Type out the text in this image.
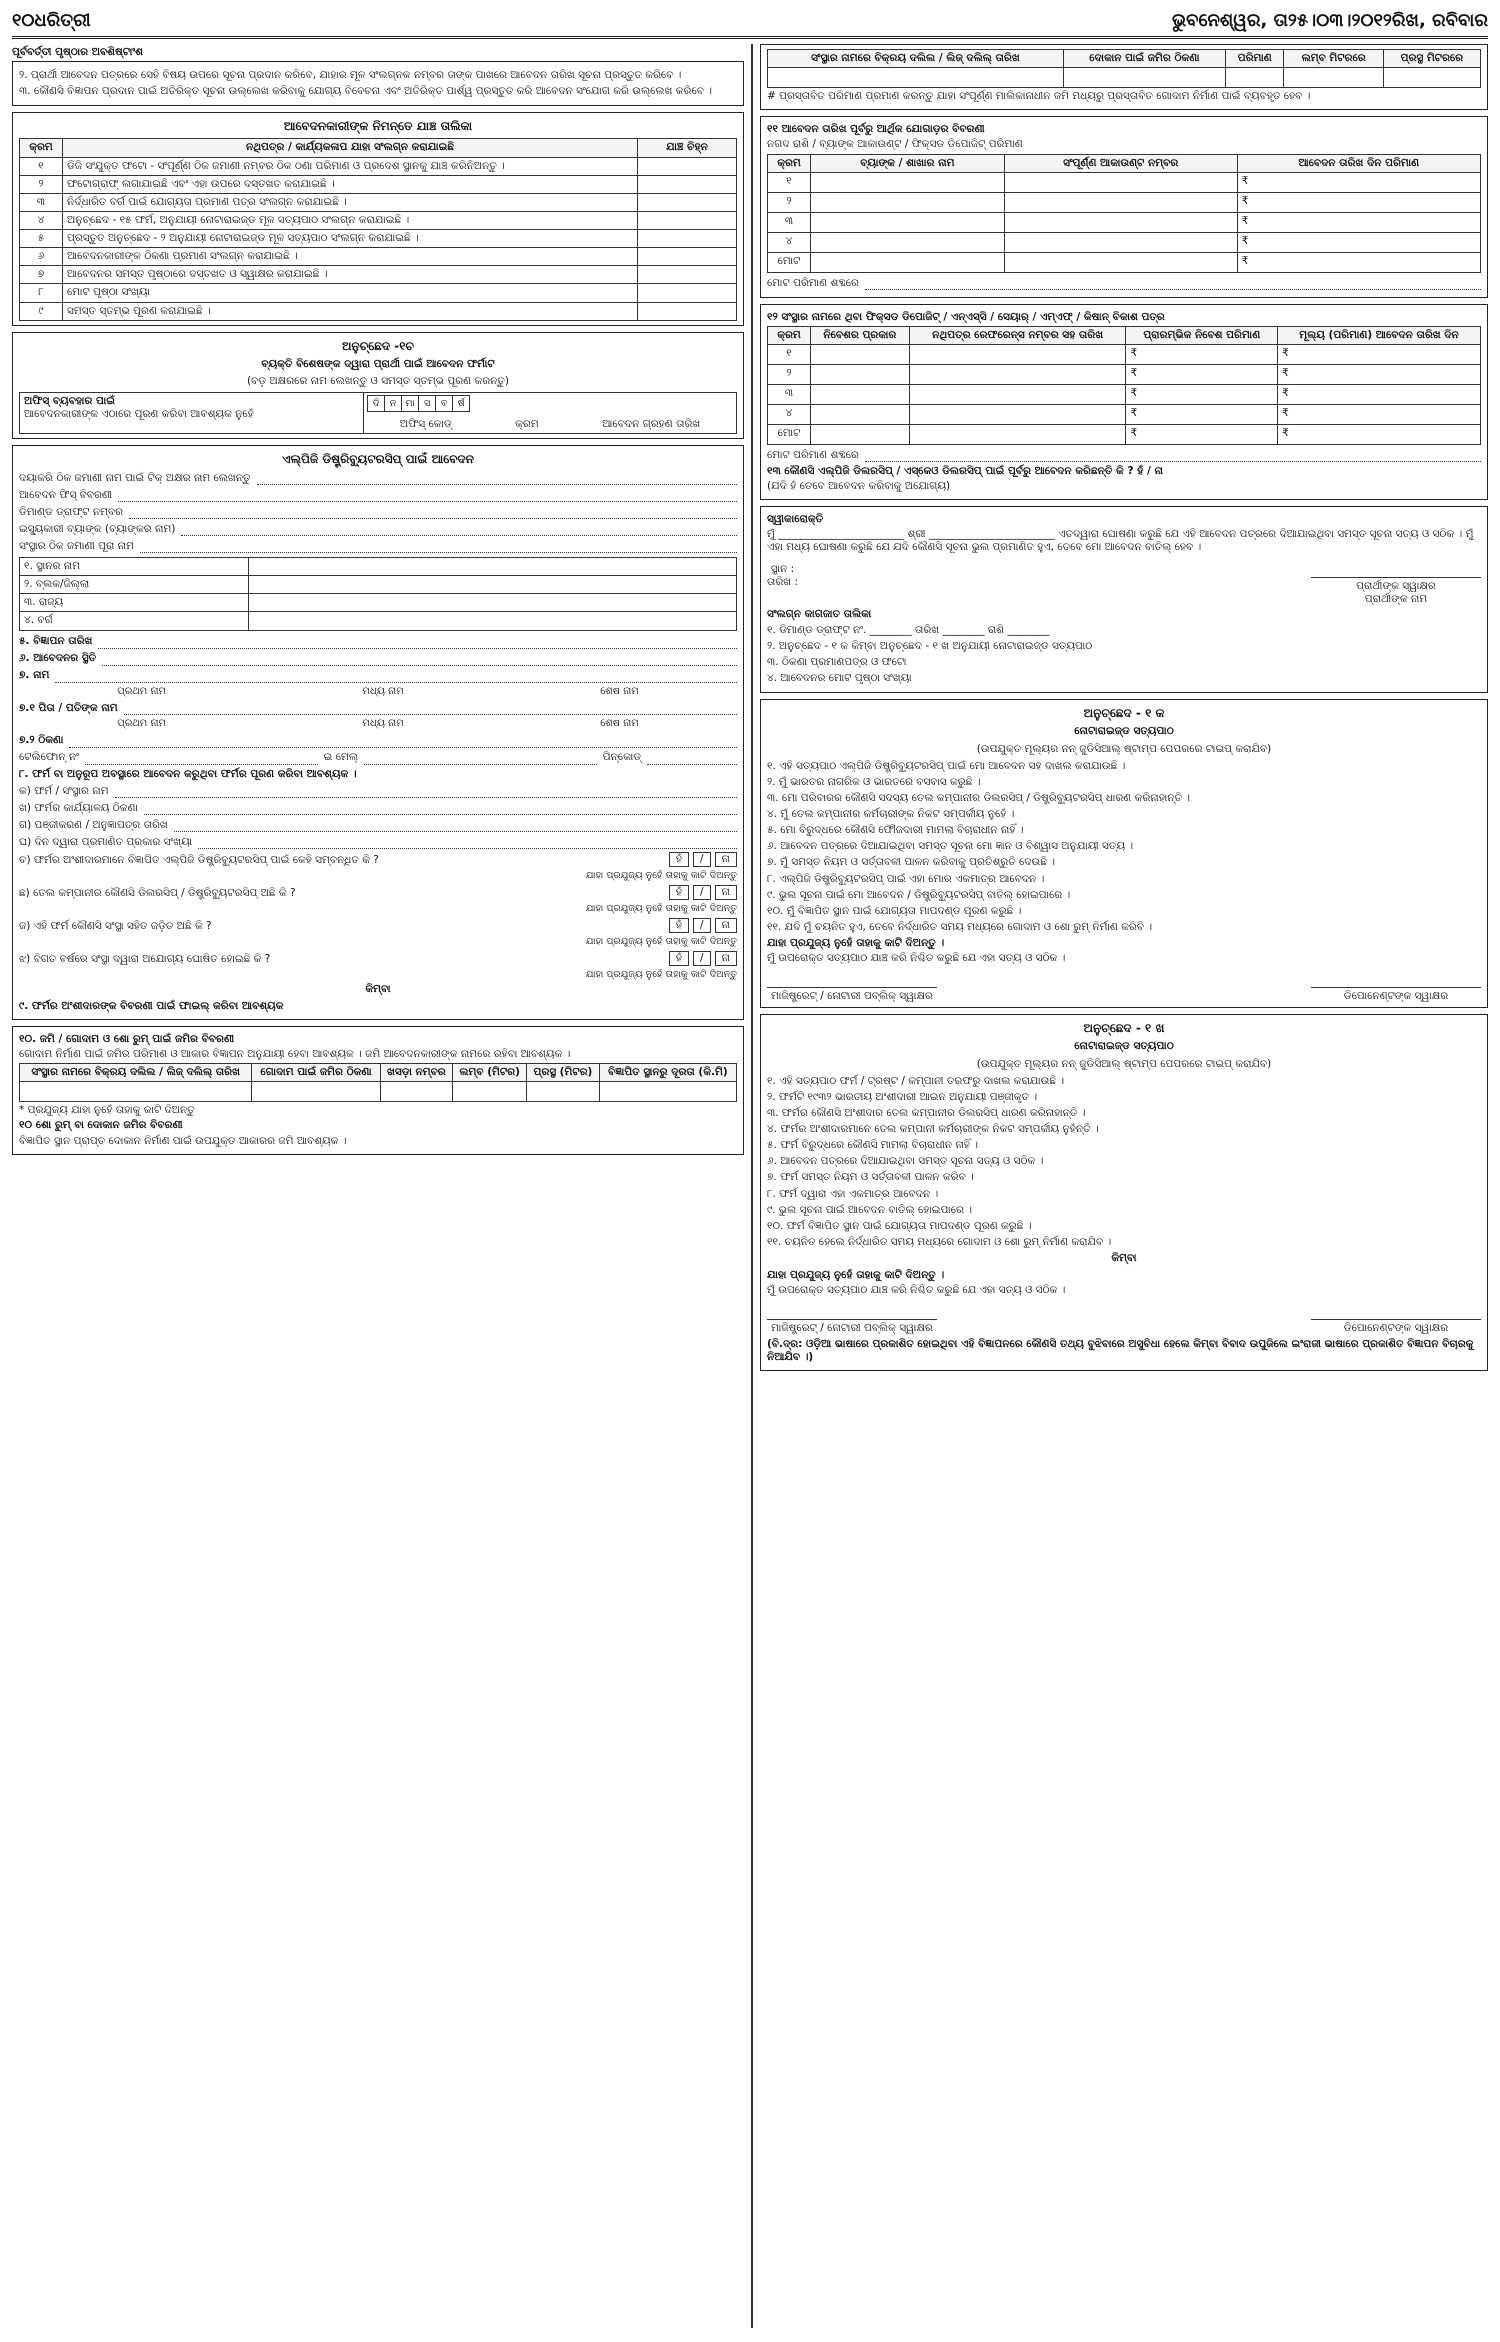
୧୦ଧରିତ୍ରୀ	ଭୁବନେଶ୍ୱର, ତା୨୫।୦୩।୨୦୧୨ରିଖ, ରବିବାର
ପୂର୍ବବର୍ତ୍ତୀ ପୃଷ୍ଠାର ଅବଶିଷ୍ଟାଂଶ
୨. ପ୍ରାର୍ଥୀ ଆବେଦନ ପତ୍ରରେ ସେହି ବିଷୟ ଉପରେ ସୂଚନା ପ୍ରଦାନ କରିବେ, ଯାହାର ମୂଳ ସଂଲଗ୍ନକ ନମ୍ବର ତାଙ୍କ ପାଖରେ ଆବେଦନ ତାରିଖ ସୂଚନା ପ୍ରସ୍ତୁତ କରିବେ ।
୩. କୌଣସି ବିଜ୍ଞାପନ ପ୍ରଦାନ ପାଇଁ ଅତିରିକ୍ତ ସୂଚନା ଉଲ୍ଲେଖ କରିବାକୁ ଯୋଗ୍ୟ ବିବେଚନା ଏବଂ ଅତିରିକ୍ତ ପାର୍ଶ୍ୱ ପ୍ରସ୍ତୁତ କରି ଆବେଦନ ସଂଯୋଗ କରି ଉଲ୍ଲେଖ କରିବେ ।
ଆବେଦନକାରୀଙ୍କ ନିମନ୍ତେ ଯାଞ୍ଚ ତାଲିକା
କ୍ରମ	ନଥିପତ୍ର / କାର୍ଯ୍ୟକଳାପ ଯାହା ସଂଲଗ୍ନ କରାଯାଇଛି	ଯାଞ୍ଚ ଚିହ୍ନ
୧	ଡିଜି ସଂଯୁକ୍ତ ଫଟୋ - ସଂପୂର୍ଣ୍ଣ ଠିକ ଜମାଣୀ ନମ୍ବର ଠିକ ଠଣା ପରିମାଣ ଓ ପ୍ରଦେଶ ସ୍ଥାନକୁ ଯାଞ୍ଚ କରିନିଅନ୍ତୁ ।	
୨	ଫଟୋଗ୍ରାଫ୍ ଲଗାଯାଇଛି ଏବଂ ଏହା ଉପରେ ଦସ୍ତଖତ କରାଯାଇଛି ।	
୩	ନିର୍ଦ୍ଧାରିତ ବର୍ଗ ପାଇଁ ଯୋଗ୍ୟତା ପ୍ରମାଣ ପତ୍ର ସଂଲଗ୍ନ କରାଯାଇଛି ।	
୪	ଅନୁଚ୍ଛେଦ - ୧୫ ଫର୍ମ, ଅନୁଯାୟୀ ନୋଟାରାଇଜ୍ଡ ମୂଳ ସତ୍ୟପାଠ ସଂଲଗ୍ନ କରାଯାଇଛି ।	
୫	ପ୍ରସ୍ତୁତ ଅନୁଚ୍ଛେଦ - ୨ ଅନୁଯାୟୀ ନୋଟାରାଇଜ୍ଡ ମୂଳ ସତ୍ୟପାଠ ସଂଲଗ୍ନ କରାଯାଇଛି ।	
୬	ଆବେଦନକାରୀଙ୍କ ଠିକଣା ପ୍ରମାଣ ସଂଲଗ୍ନ କରାଯାଇଛି ।	
୭	ଆବେଦନର ସମସ୍ତ ପୃଷ୍ଠାରେ ଦସ୍ତଖତ ଓ ସ୍ୱାକ୍ଷର କରାଯାଇଛି ।	
୮	ମୋଟ ପୃଷ୍ଠା ସଂଖ୍ୟା	
୯	ସମସ୍ତ ସ୍ତମ୍ଭ ପୂରଣ କରାଯାଇଛି ।	
ଅନୁଚ୍ଛେଦ -୧ଚ
ବ୍ୟକ୍ତି ବିଶେଷଙ୍କ ଦ୍ୱାରା ପ୍ରାର୍ଥୀ ପାଇଁ ଆବେଦନ ଫର୍ମାଟ
(ବଡ଼ ଅକ୍ଷରରେ ନାମ ଲେଖନ୍ତୁ ଓ ସମସ୍ତ ସ୍ତମ୍ଭ ପୂରଣ କରନ୍ତୁ)
ଅଫିସ୍ ବ୍ୟବହାର ପାଇଁ
ଆବେଦନକାରୀଙ୍କ ଏଠାରେ ପୂରଣ କରିବା ଆବଶ୍ୟକ ନୁହେଁ

ଦି	ନ ମା ସ	ବ	ର୍ଷ
ଅଫିସ୍ କୋଡ୍	କ୍ରମ	ଆବେଦନ ଗ୍ରହଣ ତାରିଖ
ଏଲ୍‌ପିଜି ଡିଷ୍ଟ୍ରିବ୍ୟୁଟରସିପ୍ ପାଇଁ ଆବେଦନ
ଦୟାକରି ଠିକ ଜମାଣୀ ନାମ ପାଇଁ ଟିକ୍ ଅକ୍ଷର ନାମ ଲେଖନ୍ତୁ
ଆବେଦନ ଫିସ୍ ବିବରଣୀ
ଡିମାଣ୍ଡ ଡ୍ରାଫ୍ଟ ନମ୍ବର
ଇସ୍ୟୁକାରୀ ବ୍ୟାଙ୍କ (ବ୍ୟାଙ୍କର ନାମ)
ସଂସ୍ଥାର ଠିକ ଜମାଣୀ ପୂରା ନାମ
୧. ସ୍ଥାନର ନାମ	
୨. ବ୍ଲକ/ଜିଲ୍ଲା	
୩. ରାଜ୍ୟ	
୪. ବର୍ଗ	
୫. ବିଜ୍ଞାପନ ତାରିଖ
୬. ଆବେଦନର ସ୍ଥିତି
୭. ନାମ
ପ୍ରଥମ ନାମ	ମଧ୍ୟ ନାମ	ଶେଷ ନାମ
୭.୧ ପିତା / ପତିଙ୍କ ନାମ
ପ୍ରଥମ ନାମ	ମଧ୍ୟ ନାମ	ଶେଷ ନାମ
୭.୨ ଠିକଣା
ଟେଲିଫୋନ୍ ନଂ	ଇ ମେଲ୍	ପିନ୍‌କୋଡ୍
୮. ଫର୍ମ ବା ଅନୁରୂପ ଅବସ୍ଥାରେ ଆବେଦନ କରୁଥିବା ଫର୍ମର ପୂରଣ କରିବା ଆବଶ୍ୟକ ।
କ) ଫର୍ମ / ସଂସ୍ଥାର ନାମ
ଖ) ଫର୍ମର କାର୍ଯ୍ୟାଳୟ ଠିକଣା
ଗ) ପଞ୍ଜୀକରଣ / ଅନୁଜ୍ଞାପତ୍ର ତାରିଖ
ଘ) ଦିନ ଦ୍ୱାରା ପ୍ରମାଣିତ ପ୍ରକାର ସଂଖ୍ୟା
ଚ) ଫର୍ମର ଅଂଶୀଦାରମାନେ ବିଜ୍ଞାପିତ ଏଲ୍‌ପିଜି ଡିଷ୍ଟ୍ରିବ୍ୟୁଟରସିପ୍ ପାଇଁ କେହି ସମ୍ବନ୍ଧିତ କି ?	ହଁ	/	ନା
ଯାହା ପ୍ରଯୁଜ୍ୟ ନୁହେଁ ତାହାକୁ କାଟି ଦିଅନ୍ତୁ
ଛ) ତେଲ କମ୍ପାନୀର କୌଣସି ଡିଲରସିପ୍ / ଡିଷ୍ଟ୍ରିବ୍ୟୁଟରସିପ୍ ଅଛି କି ?	ହଁ	/	ନା
ଯାହା ପ୍ରଯୁଜ୍ୟ ନୁହେଁ ତାହାକୁ କାଟି ଦିଅନ୍ତୁ
ଜ) ଏହି ଫର୍ମ କୌଣସି ସଂସ୍ଥା ସହିତ ଜଡ଼ିତ ଅଛି କି ?	ହଁ	/	ନା
ଯାହା ପ୍ରଯୁଜ୍ୟ ନୁହେଁ ତାହାକୁ କାଟି ଦିଅନ୍ତୁ
ଝ) ବିଗତ ବର୍ଷରେ ସଂସ୍ଥା ଦ୍ୱାରା ଅଯୋଗ୍ୟ ଘୋଷିତ ହୋଇଛି କି ?	ହଁ	/	ନା
ଯାହା ପ୍ରଯୁଜ୍ୟ ନୁହେଁ ତାହାକୁ କାଟି ଦିଅନ୍ତୁ
କିମ୍ବା
୯. ଫର୍ମର ଅଂଶୀଦାରଙ୍କ ବିବରଣୀ ପାଇଁ ଫାଇଲ୍ କରିବା ଆବଶ୍ୟକ
୧୦. ଜମି / ଗୋଦାମ ଓ ଶୋ ରୁମ୍ ପାଇଁ ଜମିର ବିବରଣୀ
ଗୋଦାମ ନିର୍ମାଣ ପାଇଁ ଜମିର ପରିମାଣ ଓ ଆକାର ବିଜ୍ଞାପନ ଅନୁଯାୟୀ ହେବା ଆବଶ୍ୟକ । ଜମି ଆବେଦନକାରୀଙ୍କ ନାମରେ ରହିବା ଆବଶ୍ୟକ ।
ସଂସ୍ଥାର ନାମରେ ବିକ୍ରୟ ଦଲିଲ / ଲିଜ୍ ଦଲିଲ୍ ତାରିଖ	ଗୋଦାମ ପାଇଁ ଜମିର ଠିକଣା	ଖସଡ଼ା ନମ୍ବର	ଲମ୍ବ (ମିଟର)	ପ୍ରସ୍ଥ (ମିଟର)	ବିଜ୍ଞାପିତ ସ୍ଥାନରୁ ଦୂରତା (କି.ମି)

* ପ୍ରଯୁଜ୍ୟ ଯାହା ନୁହେଁ ତାହାକୁ କାଟି ଦିଅନ୍ତୁ
୧୦ ଶୋ ରୁମ୍ ବା ଦୋକାନ ଜମିର ବିବରଣୀ
ବିଜ୍ଞାପିତ ସ୍ଥାନ ପ୍ରାପ୍ତ ଦୋକାନ ନିର୍ମାଣ ପାଇଁ ଉପଯୁକ୍ତ ଆକାରର ଜମି ଆବଶ୍ୟକ ।
ସଂସ୍ଥାର ନାମରେ ବିକ୍ରୟ ଦଲିଲ / ଲିଜ୍ ଦଲିଲ୍ ତାରିଖ	ଦୋକାନ ପାଇଁ ଜମିର ଠିକଣା	ପରିମାଣ	ଲମ୍ବ ମିଟରରେ	ପ୍ରସ୍ଥ ମିଟରରେ

# ପ୍ରସ୍ତାବିତ ପରିମାଣ ପ୍ରମାଣ କରନ୍ତୁ ଯାହା ସଂପୂର୍ଣ୍ଣ ମାଲିକାନାଧୀନ ଜମି ମଧ୍ୟରୁ ପ୍ରସ୍ତାବିତ ଗୋଦାମ ନିର୍ମାଣ ପାଇଁ ବ୍ୟବହୃତ ହେବ ।
୧୧ ଆବେଦନ ତାରିଖ ପୂର୍ବରୁ ଆର୍ଥିକ ଯୋଗାଡ଼ର ବିବରଣୀ
ନଗଦ ରାଶି / ବ୍ୟାଙ୍କ ଆକାଉଣ୍ଟ / ଫିକ୍ସଡ ଡିପୋଜିଟ୍ ପରିମାଣ
କ୍ରମ	ବ୍ୟାଙ୍କ / ଶାଖାର ନାମ	ସଂପୂର୍ଣ୍ଣ ଆକାଉଣ୍ଟ ନମ୍ବର	ଆବେଦନ ତାରିଖ ଦିନ ପରିମାଣ
୧			₹
୨			₹
୩			₹
୪			₹
ମୋଟ			₹
ମୋଟ ପରିମାଣ ଶବ୍ଦରେ
୧୨ ସଂସ୍ଥାର ନାମରେ ଥିବା ଫିକ୍ସଡ ଡିପୋଜିଟ୍ / ଏନ୍‌ଏସ୍‌ସି / ସେୟାର୍ / ଏମ୍‌ଏଫ୍ / କିଷାନ୍ ବିକାଶ ପତ୍ର
କ୍ରମ	ନିବେଶର ପ୍ରକାର	ନଥିପତ୍ର ରେଫରେନ୍ସ ନମ୍ବର ସହ ତାରିଖ	ପ୍ରାରମ୍ଭିକ ନିବେଶ ପରିମାଣ	ମୂଲ୍ୟ (ପରିମାଣ) ଆବେଦନ ତାରିଖ ଦିନ
୧			₹	₹
୨			₹	₹
୩			₹	₹
୪			₹	₹
ମୋଟ			₹	₹
ମୋଟ ପରିମାଣ ଶବ୍ଦରେ
୧୩ କୌଣସି ଏଲ୍‌ପିଜି ଡିଲରସିପ୍ / ଏସ୍‌କେଓ ଡିଲରସିପ୍ ପାଇଁ ପୂର୍ବରୁ ଆବେଦନ କରିଛନ୍ତି କି ? ହଁ / ନା
(ଯଦି ହଁ ତେବେ ଆବେଦନ କରିବାକୁ ଅଯୋଗ୍ୟ)
ସ୍ୱୀକାରୋକ୍ତି
ମୁଁ ________________________ ଶ୍ରୀ ________________________ ଏତଦ୍ୱାରା ଘୋଷଣା କରୁଛି ଯେ ଏହି ଆବେଦନ ପତ୍ରରେ ଦିଆଯାଇଥିବା ସମସ୍ତ ସୂଚନା ସତ୍ୟ ଓ ସଠିକ । ମୁଁ ଏହା ମଧ୍ୟ ଘୋଷଣା କରୁଛି ଯେ ଯଦି କୌଣସି ସୂଚନା ଭୁଲ ପ୍ରମାଣିତ ହୁଏ, ତେବେ ମୋ ଆବେଦନ ବାତିଲ୍ ହେବ ।
ସ୍ଥାନ :
ତାରିଖ :	ପ୍ରାର୍ଥୀଙ୍କ ସ୍ୱାକ୍ଷର
ପ୍ରାର୍ଥୀଙ୍କ ନାମ
ସଂଲଗ୍ନ କାଗଜାତ ତାଲିକା
୧. ଡିମାଣ୍ଡ ଡ୍ରାଫ୍ଟ ନଂ. ________ ତାରିଖ ________ ରାଶି ________
୨. ଅନୁଚ୍ଛେଦ - ୧ କ କିମ୍ବା ଅନୁଚ୍ଛେଦ - ୧ ଖ ଅନୁଯାୟୀ ନୋଟାରାଇଜ୍ଡ ସତ୍ୟପାଠ
୩. ଠିକଣା ପ୍ରମାଣପତ୍ର ଓ ଫଟୋ
୪. ଆବେଦନର ମୋଟ ପୃଷ୍ଠା ସଂଖ୍ୟା
ଅନୁଚ୍ଛେଦ - ୧ କ
ନୋଟାରାଇଜ୍ଡ ସତ୍ୟପାଠ
(ଉପଯୁକ୍ତ ମୂଲ୍ୟର ନନ୍ ଜୁଡିସିଆଲ୍ ଷ୍ଟାମ୍ପ ପେପରରେ ଟାଇପ୍ କରାଯିବ)
୧. ଏହି ସତ୍ୟପାଠ ଏଲ୍‌ପିଜି ଡିଷ୍ଟ୍ରିବ୍ୟୁଟରସିପ୍ ପାଇଁ ମୋ ଆବେଦନ ସହ ଦାଖଲ କରାଯାଉଛି ।
୨. ମୁଁ ଭାରତର ନାଗରିକ ଓ ଭାରତରେ ବସବାସ କରୁଛି ।
୩. ମୋ ପରିବାରର କୌଣସି ସଦସ୍ୟ ତେଲ କମ୍ପାନୀର ଡିଲରସିପ୍ / ଡିଷ୍ଟ୍ରିବ୍ୟୁଟରସିପ୍ ଧାରଣ କରିନାହାନ୍ତି ।
୪. ମୁଁ ତେଲ କମ୍ପାନୀର କର୍ମଚାରୀଙ୍କ ନିକଟ ସମ୍ପର୍କୀୟ ନୁହେଁ ।
୫. ମୋ ବିରୁଦ୍ଧରେ କୌଣସି ଫୌଜଦାରୀ ମାମଲା ବିଚାରାଧୀନ ନାହିଁ ।
୬. ଆବେଦନ ପତ୍ରରେ ଦିଆଯାଇଥିବା ସମସ୍ତ ସୂଚନା ମୋ ଜ୍ଞାନ ଓ ବିଶ୍ୱାସ ଅନୁଯାୟୀ ସତ୍ୟ ।
୭. ମୁଁ ସମସ୍ତ ନିୟମ ଓ ସର୍ତ୍ତାବଳୀ ପାଳନ କରିବାକୁ ପ୍ରତିଶ୍ରୁତି ଦେଉଛି ।
୮. ଏଲ୍‌ପିଜି ଡିଷ୍ଟ୍ରିବ୍ୟୁଟରସିପ୍ ପାଇଁ ଏହା ମୋର ଏକମାତ୍ର ଆବେଦନ ।
୯. ଭୁଲ ସୂଚନା ପାଇଁ ମୋ ଆବେଦନ / ଡିଷ୍ଟ୍ରିବ୍ୟୁଟରସିପ୍ ବାତିଲ୍ ହୋଇପାରେ ।
୧୦. ମୁଁ ବିଜ୍ଞାପିତ ସ୍ଥାନ ପାଇଁ ଯୋଗ୍ୟତା ମାପଦଣ୍ଡ ପୂରଣ କରୁଛି ।
୧୧. ଯଦି ମୁଁ ଚୟନିତ ହୁଏ, ତେବେ ନିର୍ଦ୍ଧାରିତ ସମୟ ମଧ୍ୟରେ ଗୋଦାମ ଓ ଶୋ ରୁମ୍ ନିର୍ମାଣ କରିବି ।
ଯାହା ପ୍ରଯୁଜ୍ୟ ନୁହେଁ ତାହାକୁ କାଟି ଦିଅନ୍ତୁ ।
ମୁଁ ଉପରୋକ୍ତ ସତ୍ୟପାଠ ଯାଞ୍ଚ କରି ନିଶ୍ଚିତ କରୁଛି ଯେ ଏହା ସତ୍ୟ ଓ ସଠିକ ।
ମାଜିଷ୍ଟ୍ରେଟ୍ / ନୋଟାରୀ ପବ୍ଲିକ୍ ସ୍ୱାକ୍ଷର	ଡିପୋନେଣ୍ଟଙ୍କ ସ୍ୱାକ୍ଷର
ଅନୁଚ୍ଛେଦ - ୧ ଖ
ନୋଟାରାଇଜ୍ଡ ସତ୍ୟପାଠ
(ଉପଯୁକ୍ତ ମୂଲ୍ୟର ନନ୍ ଜୁଡିସିଆଲ୍ ଷ୍ଟାମ୍ପ ପେପରରେ ଟାଇପ୍ କରାଯିବ)
୧. ଏହି ସତ୍ୟପାଠ ଫର୍ମ / ଟ୍ରଷ୍ଟ / କମ୍ପାନୀ ତରଫରୁ ଦାଖଲ କରାଯାଉଛି ।
୨. ଫର୍ମଟି ୧୯୩୨ ଭାରତୀୟ ଅଂଶୀଦାରୀ ଆଇନ ଅନୁଯାୟୀ ପଞ୍ଜୀକୃତ ।
୩. ଫର୍ମର କୌଣସି ଅଂଶୀଦାର ତେଲ କମ୍ପାନୀର ଡିଲରସିପ୍ ଧାରଣ କରିନାହାନ୍ତି ।
୪. ଫର୍ମର ଅଂଶୀଦାରମାନେ ତେଲ କମ୍ପାନୀ କର୍ମଚାରୀଙ୍କ ନିକଟ ସମ୍ପର୍କୀୟ ନୁହଁନ୍ତି ।
୫. ଫର୍ମ ବିରୁଦ୍ଧରେ କୌଣସି ମାମଲା ବିଚାରାଧୀନ ନାହିଁ ।
୬. ଆବେଦନ ପତ୍ରରେ ଦିଆଯାଇଥିବା ସମସ୍ତ ସୂଚନା ସତ୍ୟ ଓ ସଠିକ ।
୭. ଫର୍ମ ସମସ୍ତ ନିୟମ ଓ ସର୍ତ୍ତାବଳୀ ପାଳନ କରିବ ।
୮. ଫର୍ମ ଦ୍ୱାରା ଏହା ଏକମାତ୍ର ଆବେଦନ ।
୯. ଭୁଲ ସୂଚନା ପାଇଁ ଆବେଦନ ବାତିଲ୍ ହୋଇପାରେ ।
୧୦. ଫର୍ମ ବିଜ୍ଞାପିତ ସ୍ଥାନ ପାଇଁ ଯୋଗ୍ୟତା ମାପଦଣ୍ଡ ପୂରଣ କରୁଛି ।
୧୧. ଚୟନିତ ହେଲେ ନିର୍ଦ୍ଧାରିତ ସମୟ ମଧ୍ୟରେ ଗୋଦାମ ଓ ଶୋ ରୁମ୍ ନିର୍ମାଣ କରାଯିବ ।
କିମ୍ବା
ଯାହା ପ୍ରଯୁଜ୍ୟ ନୁହେଁ ତାହାକୁ କାଟି ଦିଅନ୍ତୁ ।
ମୁଁ ଉପରୋକ୍ତ ସତ୍ୟପାଠ ଯାଞ୍ଚ କରି ନିଶ୍ଚିତ କରୁଛି ଯେ ଏହା ସତ୍ୟ ଓ ସଠିକ ।
ମାଜିଷ୍ଟ୍ରେଟ୍ / ନୋଟାରୀ ପବ୍ଲିକ୍ ସ୍ୱାକ୍ଷର	ଡିପୋନେଣ୍ଟଙ୍କ ସ୍ୱାକ୍ଷର
(ବି.ଦ୍ର: ଓଡ଼ିଆ ଭାଷାରେ ପ୍ରକାଶିତ ହୋଇଥିବା ଏହି ବିଜ୍ଞାପନରେ କୌଣସି ତଥ୍ୟ ବୁଝିବାରେ ଅସୁବିଧା ହେଲେ କିମ୍ବା ବିବାଦ ଉପୁଜିଲେ ଇଂରାଜୀ ଭାଷାରେ ପ୍ରକାଶିତ ବିଜ୍ଞାପନ ବିଚାରକୁ ନିଆଯିବ ।)
